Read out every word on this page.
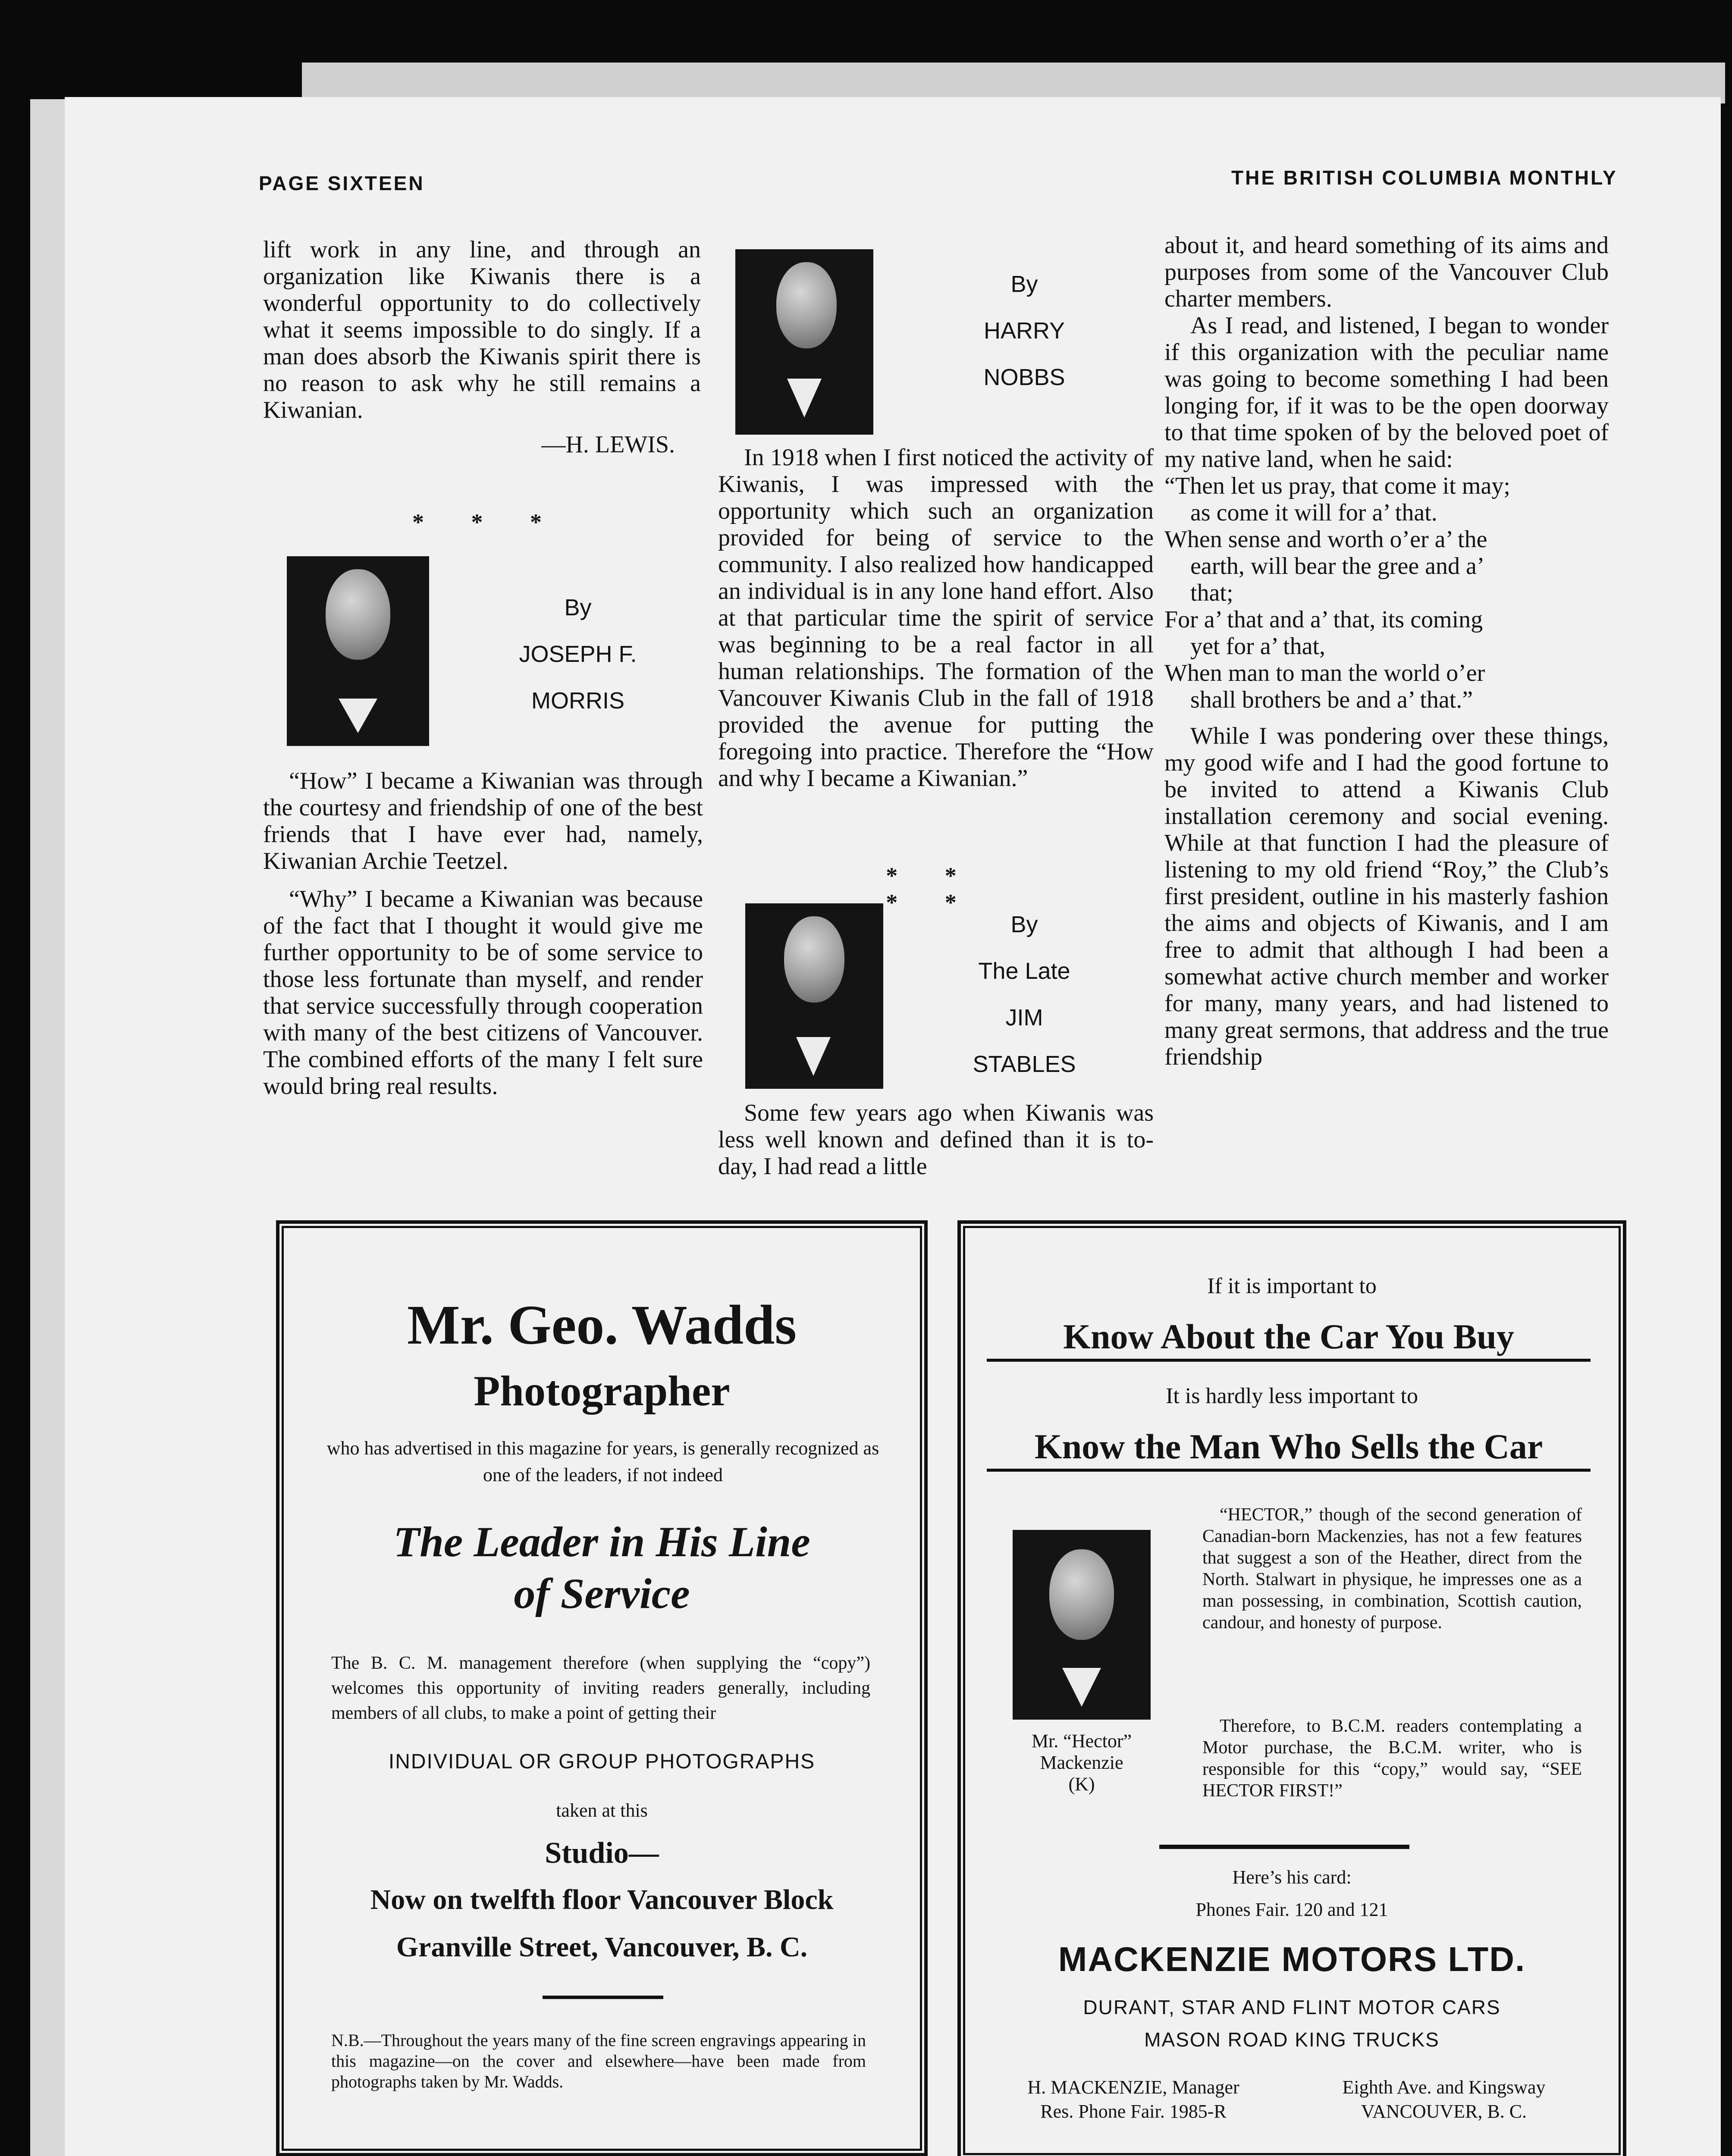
PAGE SIXTEEN	THE BRITISH COLUMBIA MONTHLY

lift work in any line, and through an organization like Kiwanis there is a wonderful opportunity to do collectively what it seems impossible to do singly. If a man does absorb the Kiwanis spirit there is no reason to ask why he still remains a Kiwanian.

—H. LEWIS.

* * *
By
JOSEPH F.
MORRIS

“How” I became a Kiwanian was through the courtesy and friendship of one of the best friends that I have ever had, namely, Kiwanian Archie Teetzel.

“Why” I became a Kiwanian was because of the fact that I thought it would give me further opportunity to be of some service to those less fortunate than myself, and render that service successfully through cooperation with many of the best citizens of Vancouver. The combined efforts of the many I felt sure would bring real results.

By
HARRY
NOBBS

In 1918 when I first noticed the activity of Kiwanis, I was impressed with the opportunity which such an organization provided for being of service to the community. I also realized how handicapped an individual is in any lone hand effort. Also at that particular time the spirit of service was beginning to be a real factor in all human relationships. The formation of the Vancouver Kiwanis Club in the fall of 1918 provided the avenue for putting the foregoing into practice. Therefore the “How and why I became a Kiwanian.”

* * * *
By
The Late
JIM
STABLES

Some few years ago when Kiwanis was less well known and defined than it is to-day, I had read a little

about it, and heard something of its aims and purposes from some of the Vancouver Club charter members.

As I read, and listened, I began to wonder if this organization with the peculiar name was going to become something I had been longing for, if it was to be the open doorway to that time spoken of by the beloved poet of my native land, when he said:

“Then let us pray, that come it may;

as come it will for a’ that.

When sense and worth o’er a’ the

earth, will bear the gree and a’

that;

For a’ that and a’ that, its coming

yet for a’ that,

When man to man the world o’er

shall brothers be and a’ that.”

While I was pondering over these things, my good wife and I had the good fortune to be invited to attend a Kiwanis Club installation ceremony and social evening. While at that function I had the pleasure of listening to my old friend “Roy,” the Club’s first president, outline in his masterly fashion the aims and objects of Kiwanis, and I am free to admit that although I had been a somewhat active church member and worker for many, many years, and had listened to many great sermons, that address and the true friendship

Mr. Geo. Wadds
Photographer
who has advertised in this magazine for years, is generally recognized as one of the leaders, if not indeed
The Leader in His Line
of Service
The B. C. M. management therefore (when supplying the “copy”) welcomes this opportunity of inviting readers generally, including members of all clubs, to make a point of getting their
INDIVIDUAL OR GROUP PHOTOGRAPHS
taken at this
Studio—
Now on twelfth floor Vancouver Block
Granville Street, Vancouver, B. C.
N.B.—Throughout the years many of the fine screen engravings appearing in this magazine—on the cover and elsewhere—have been made from photographs taken by Mr. Wadds.
If it is important to
Know About the Car You Buy
It is hardly less important to
Know the Man Who Sells the Car
Mr. “Hector”
Mackenzie
(K)
“HECTOR,” though of the second generation of Canadian-born Mackenzies, has not a few features that suggest a son of the Heather, direct from the North. Stalwart in physique, he impresses one as a man possessing, in combination, Scottish caution, candour, and honesty of purpose.
Therefore, to B.C.M. readers contemplating a Motor purchase, the B.C.M. writer, who is responsible for this “copy,” would say, “SEE HECTOR FIRST!”
Here’s his card:
Phones Fair. 120 and 121
MACKENZIE MOTORS LTD.
DURANT, STAR AND FLINT MOTOR CARS
MASON ROAD KING TRUCKS
H. MACKENZIE, Manager
Res. Phone Fair. 1985-R
Eighth Ave. and Kingsway
VANCOUVER, B. C.
